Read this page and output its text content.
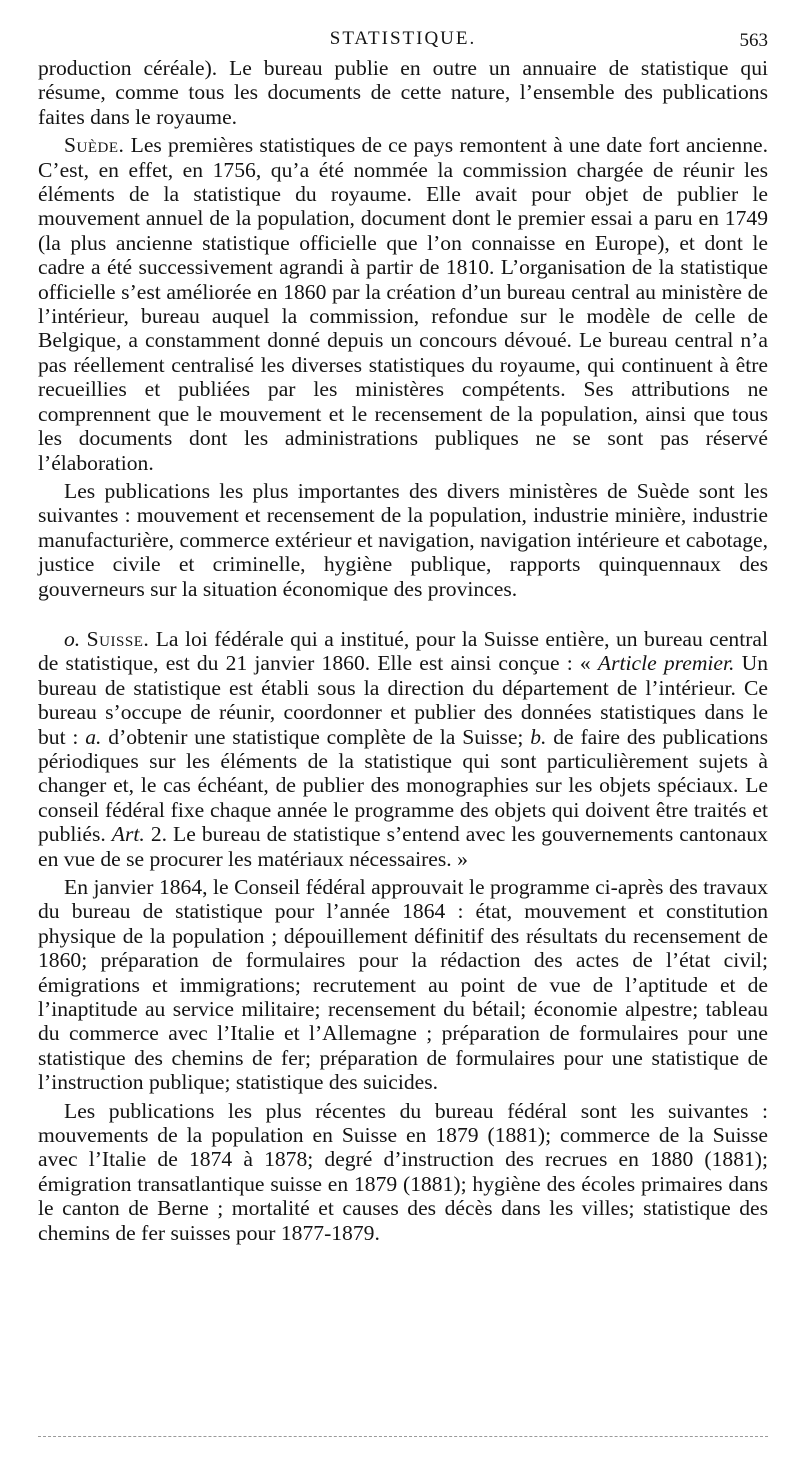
STATISTIQUE.	563

production céréale). Le bureau publie en outre un annuaire de statistique qui résume, comme tous les documents de cette nature, l’ensemble des publications faites dans le royaume.

Suède. Les premières statistiques de ce pays remontent à une date fort ancienne. C’est, en effet, en 1756, qu’a été nommée la commission chargée de réunir les éléments de la statistique du royaume. Elle avait pour objet de publier le mouvement annuel de la population, document dont le premier essai a paru en 1749 (la plus ancienne statistique officielle que l’on connaisse en Europe), et dont le cadre a été successivement agrandi à partir de 1810. L’organisation de la statistique officielle s’est améliorée en 1860 par la création d’un bureau central au ministère de l’intérieur, bureau auquel la commission, refondue sur le modèle de celle de Belgique, a constamment donné depuis un concours dévoué. Le bureau central n’a pas réellement centralisé les diverses statistiques du royaume, qui continuent à être recueillies et publiées par les ministères compétents. Ses attributions ne comprennent que le mouvement et le recensement de la population, ainsi que tous les documents dont les administrations publiques ne se sont pas réservé l’élaboration.

Les publications les plus importantes des divers ministères de Suède sont les suivantes : mouvement et recensement de la population, industrie minière, industrie manufacturière, commerce extérieur et navigation, navigation intérieure et cabotage, justice civile et criminelle, hygiène publique, rapports quinquennaux des gouverneurs sur la situation économique des provinces.

o. Suisse. La loi fédérale qui a institué, pour la Suisse entière, un bureau central de statistique, est du 21 janvier 1860. Elle est ainsi conçue : « Article premier. Un bureau de statistique est établi sous la direction du département de l’intérieur. Ce bureau s’occupe de réunir, coordonner et publier des données statistiques dans le but : a. d’obtenir une statistique complète de la Suisse; b. de faire des publications périodiques sur les éléments de la statistique qui sont particulièrement sujets à changer et, le cas échéant, de publier des monographies sur les objets spéciaux. Le conseil fédéral fixe chaque année le programme des objets qui doivent être traités et publiés. Art. 2. Le bureau de statistique s’entend avec les gouvernements cantonaux en vue de se procurer les matériaux nécessaires. »

En janvier 1864, le Conseil fédéral approuvait le programme ci-après des travaux du bureau de statistique pour l’année 1864 : état, mouvement et constitution physique de la population ; dépouillement définitif des résultats du recensement de 1860; préparation de formulaires pour la rédaction des actes de l’état civil; émigrations et immigrations; recrutement au point de vue de l’aptitude et de l’inaptitude au service militaire; recensement du bétail; économie alpestre; tableau du commerce avec l’Italie et l’Allemagne ; préparation de formulaires pour une statistique des chemins de fer; préparation de formulaires pour une statistique de l’instruction publique; statistique des suicides.

Les publications les plus récentes du bureau fédéral sont les suivantes : mouvements de la population en Suisse en 1879 (1881); commerce de la Suisse avec l’Italie de 1874 à 1878; degré d’instruction des recrues en 1880 (1881); émigration transatlantique suisse en 1879 (1881); hygiène des écoles primaires dans le canton de Berne ; mortalité et causes des décès dans les villes; statistique des chemins de fer suisses pour 1877-1879.
